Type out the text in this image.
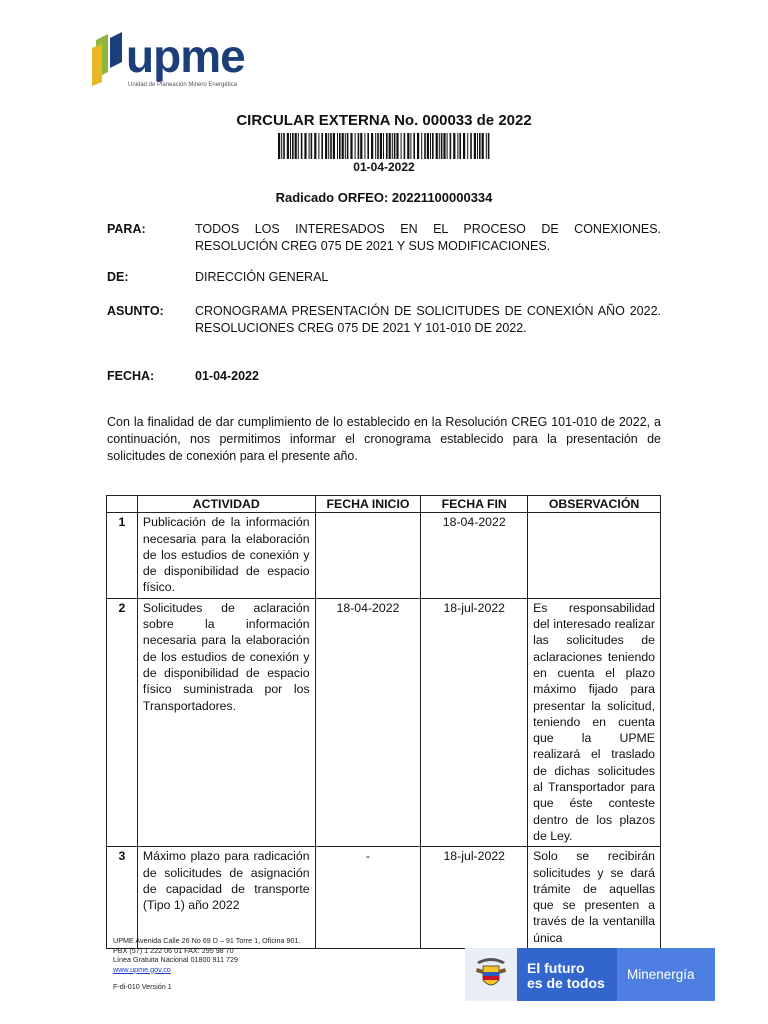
upme
Unidad de Planeación Minero Energética
CIRCULAR EXTERNA No. 000033 de 2022
01-04-2022
Radicado ORFEO: 20221100000334
PARA:	TODOS LOS INTERESADOS EN EL PROCESO DE CONEXIONES. RESOLUCIÓN CREG 075 DE 2021 Y SUS MODIFICACIONES.
DE:	DIRECCIÓN GENERAL
ASUNTO:	CRONOGRAMA PRESENTACIÓN DE SOLICITUDES DE CONEXIÓN AÑO 2022. RESOLUCIONES CREG 075 DE 2021 Y 101-010 DE 2022.
FECHA:	01-04-2022
Con la finalidad de dar cumplimiento de lo establecido en la Resolución CREG 101-010 de 2022, a continuación, nos permitimos informar el cronograma establecido para la presentación de solicitudes de conexión para el presente año.
	ACTIVIDAD	FECHA INICIO	FECHA FIN	OBSERVACIÓN
1	Publicación de la información necesaria para la elaboración de los estudios de conexión y de disponibilidad de espacio físico.		18-04-2022	
2	Solicitudes de aclaración sobre la información necesaria para la elaboración de los estudios de conexión y de disponibilidad de espacio físico suministrada por los Transportadores.	18-04-2022	18-jul-2022	Es responsabilidad del interesado realizar las solicitudes de aclaraciones teniendo en cuenta el plazo máximo fijado para presentar la solicitud, teniendo en cuenta que la UPME realizará el traslado de dichas solicitudes al Transportador para que éste conteste dentro de los plazos de Ley.
3	Máximo plazo para radicación de solicitudes de asignación de capacidad de transporte (Tipo 1) año 2022	-	18-jul-2022	Solo se recibirán solicitudes y se dará trámite de aquellas que se presenten a través de la ventanilla única
UPME Avenida Calle 26 No 69 D – 91 Torre 1, Oficina 901.
PBX (57) 1 222 06 01 FAX: 295 98 70
Línea Gratuita Nacional 01800 911 729
www.upme.gov.co
F-di-010 Versión 1
El futuro
es de todos
Minenergía
